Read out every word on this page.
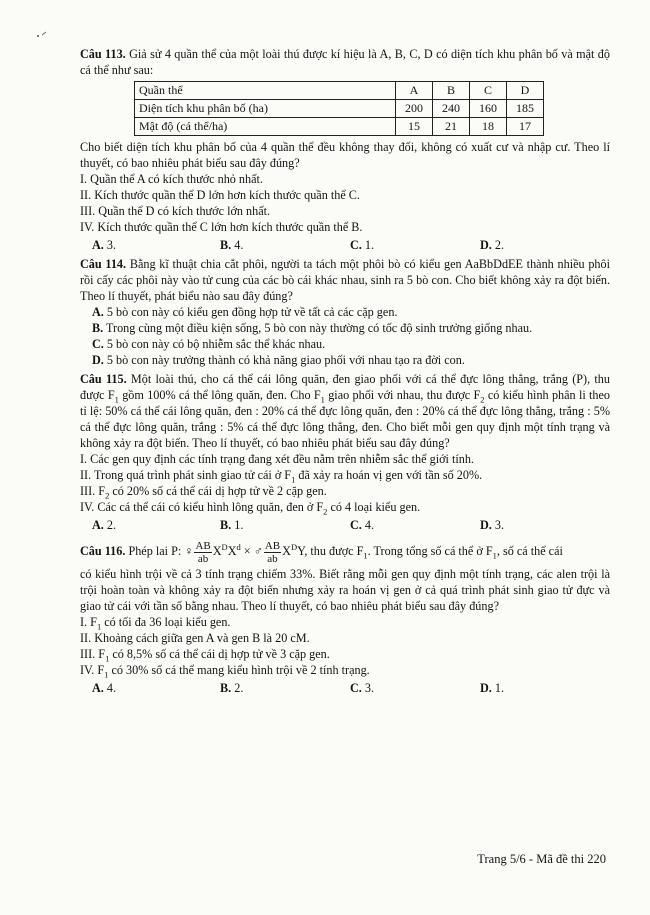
Câu 113. Giả sử 4 quần thể của một loài thú được kí hiệu là A, B, C, D có diện tích khu phân bố và mật độ cá thể như sau:

Quần thể	A	B	C	D
Diện tích khu phân bố (ha)	200	240	160	185
Mật độ (cá thể/ha)	15	21	18	17

Cho biết diện tích khu phân bố của 4 quần thể đều không thay đổi, không có xuất cư và nhập cư. Theo lí thuyết, có bao nhiêu phát biểu sau đây đúng?

I. Quần thể A có kích thước nhỏ nhất.

II. Kích thước quần thể D lớn hơn kích thước quần thể C.

III. Quần thể D có kích thước lớn nhất.

IV. Kích thước quần thể C lớn hơn kích thước quần thể B.

A. 3.	B. 4.	C. 1.	D. 2.

Câu 114. Bằng kĩ thuật chia cắt phôi, người ta tách một phôi bò có kiểu gen AaBbDdEE thành nhiều phôi rồi cấy các phôi này vào tử cung của các bò cái khác nhau, sinh ra 5 bò con. Cho biết không xảy ra đột biến. Theo lí thuyết, phát biểu nào sau đây đúng?

A. 5 bò con này có kiểu gen đồng hợp tử về tất cả các cặp gen.

B. Trong cùng một điều kiện sống, 5 bò con này thường có tốc độ sinh trưởng giống nhau.

C. 5 bò con này có bộ nhiễm sắc thể khác nhau.

D. 5 bò con này trưởng thành có khả năng giao phối với nhau tạo ra đời con.

Câu 115. Một loài thú, cho cá thể cái lông quăn, đen giao phối với cá thể đực lông thẳng, trắng (P), thu được $F_1$ gồm 100% cá thể lông quăn, đen. Cho $F_1$ giao phối với nhau, thu được $F_2$ có kiểu hình phân li theo tỉ lệ: 50% cá thể cái lông quăn, đen : 20% cá thể đực lông quăn, đen : 20% cá thể đực lông thẳng, trắng : 5% cá thể đực lông quăn, trắng : 5% cá thể đực lông thẳng, đen. Cho biết mỗi gen quy định một tính trạng và không xảy ra đột biến. Theo lí thuyết, có bao nhiêu phát biểu sau đây đúng?

I. Các gen quy định các tính trạng đang xét đều nằm trên nhiễm sắc thể giới tính.

II. Trong quá trình phát sinh giao tử cái ở $F_1$ đã xảy ra hoán vị gen với tần số 20%.

III. $F_2$ có 20% số cá thể cái dị hợp tử về 2 cặp gen.

IV. Các cá thể cái có kiểu hình lông quăn, đen ở $F_2$ có 4 loại kiểu gen.

A. 2.	B. 1.	C. 4.	D. 3.

Câu 116. Phép lai P: ♀ $\frac{AB}{ab} X^DX^d$ × ♂ $\frac{AB}{ab} X^DY$, thu được $F_1$. Trong tổng số cá thể ở $F_1$, số cá thể cái

có kiểu hình trội về cả 3 tính trạng chiếm 33%. Biết rằng mỗi gen quy định một tính trạng, các alen trội là trội hoàn toàn và không xảy ra đột biến nhưng xảy ra hoán vị gen ở cả quá trình phát sinh giao tử đực và giao tử cái với tần số bằng nhau. Theo lí thuyết, có bao nhiêu phát biểu sau đây đúng?

I. $F_1$ có tối đa 36 loại kiểu gen.

II. Khoảng cách giữa gen A và gen B là 20 cM.

III. $F_1$ có 8,5% số cá thể cái dị hợp tử về 3 cặp gen.

IV. $F_1$ có 30% số cá thể mang kiểu hình trội về 2 tính trạng.

A. 4.	B. 2.	C. 3.	D. 1.
Trang 5/6 - Mã đề thi 220
